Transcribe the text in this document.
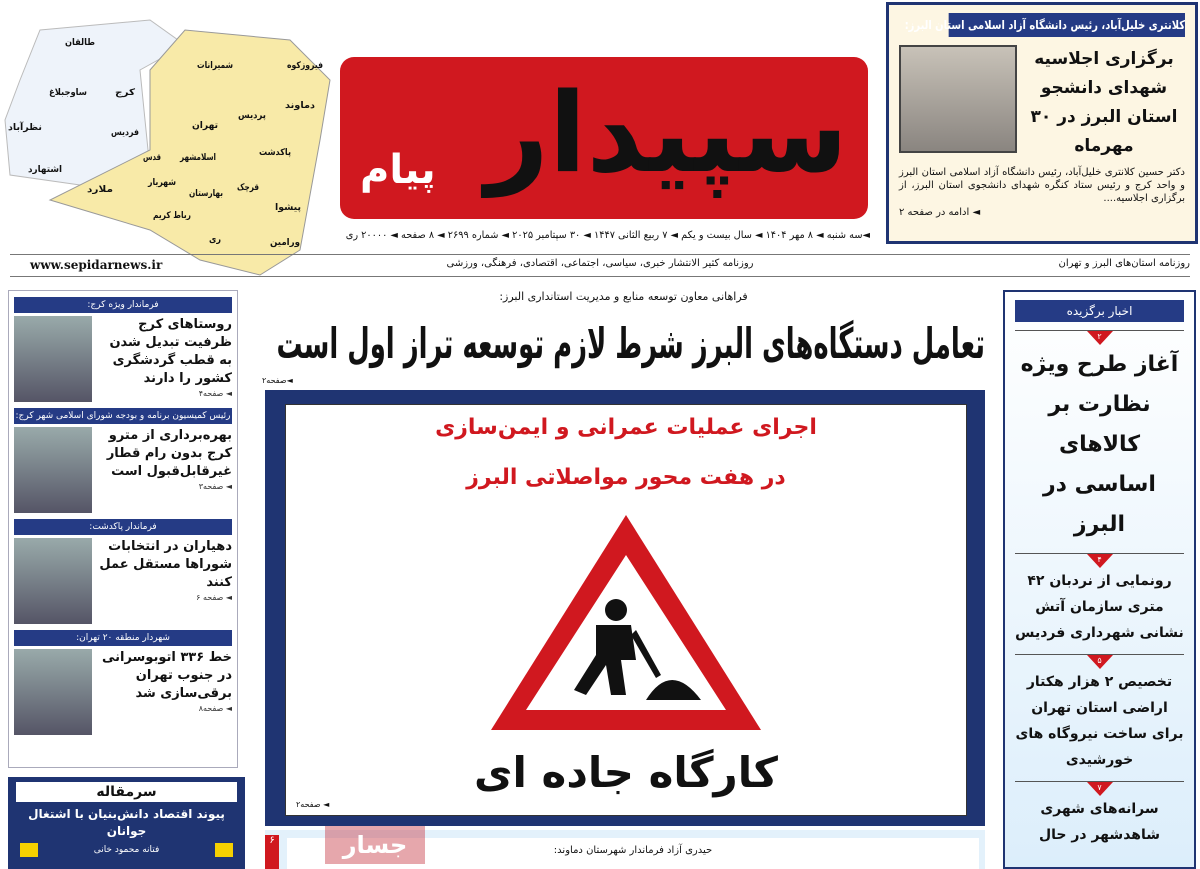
طالقان
ساوجبلاغ	کرج
نظرآباد	فردیس
اشتهارد
شمیرانات	فیروزکوه
دماوند
پردیس
تهران
پاکدشت
قدس اسلامشهر
ملارد
شهریار
بهارستان
قرچک
پیشوا
رباط کریم
ری	ورامین
سپیدار
پیام
کلانتری خلیل‌آباد، رئیس دانشگاه آزاد اسلامی استان البرز:
برگزاری اجلاسیه شهدای دانشجو استان البرز در ۳۰ مهرماه
دکتر حسین کلانتری خلیل‌آباد، رئیس دانشگاه آزاد اسلامی استان البرز و واحد کرج و رئیس ستاد کنگره شهدای دانشجوی استان البرز، از برگزاری اجلاسیه....
◄ ادامه در صفحه ۲
◄سه شنبه ◄ ۸ مهر ۱۴۰۴ ◄ سال بیست و یکم ◄ ۷ ربیع الثانی ۱۴۴۷ ◄ ۳۰ سپتامبر ۲۰۲۵ ◄ شماره ۲۶۹۹ ◄ ۸ صفحه ◄ ۲۰۰۰۰ ری
www.sepidarnews.ir	روزنامه کثیر الانتشار خبری، سیاسی، اجتماعی، اقتصادی، فرهنگی، ورزشی	روزنامه استان‌های البرز و تهران
فرماندار ویژه کرج:
روستاهای کرج ظرفیت تبدیل شدن به قطب گردشگری کشور را دارند
◄ صفحه۴
رئیس کمیسیون برنامه و بودجه شورای اسلامی شهر کرج:
بهره‌برداری از مترو کرج بدون رام قطار غیرقابل‌قبول است
◄ صفحه۳
فرماندار پاکدشت:
دهیاران در انتخابات شوراها مستقل عمل کنند
◄ صفحه ۶
شهردار منطقه ۲۰ تهران:
خط ۳۳۶ اتوبوسرانی در جنوب تهران برقی‌سازی شد
◄ صفحه۸
سرمقاله
پیوند اقتصاد دانش‌بنیان با اشتغال جوانان
فتانه محمود خانی
فراهانی معاون توسعه منابع و مدیریت استانداری البرز:
تعامل دستگاه‌های البرز شرط لازم توسعه تراز اول است
◄صفحه۲
اجرای عملیات عمرانی و ایمن‌سازی
در هفت محور مواصلاتی البرز
کارگاه جاده ای
◄ صفحه۲
۶
حیدری آزاد فرماندار شهرستان دماوند:
جسار
اخبار برگزیده
۲
آغاز طرح ویژه نظارت بر کالاهای اساسی در البرز
۴
رونمایی از نردبان ۴۲ متری سازمان آتش نشانی شهرداری فردیس
۵
تخصیص ۲ هزار هکتار اراضی استان تهران برای ساخت نیروگاه های خورشیدی
۷
سرانه‌های شهری شاهدشهر در حال
